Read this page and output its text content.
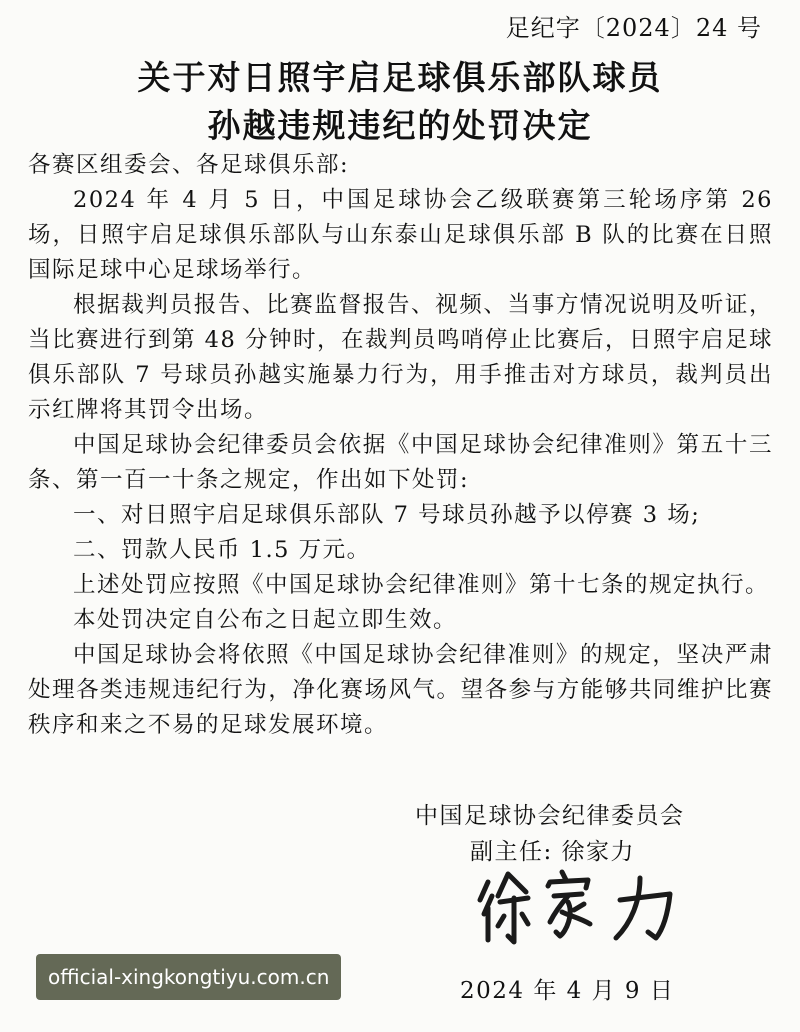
足纪字〔2024〕24 号
关于对日照宇启足球俱乐部队球员
孙越违规违纪的处罚决定

各赛区组委会、各足球俱乐部:

2024 年 4 月 5 日，中国足球协会乙级联赛第三轮场序第 26 场，日照宇启足球俱乐部队与山东泰山足球俱乐部 B 队的比赛在日照国际足球中心足球场举行。

根据裁判员报告、比赛监督报告、视频、当事方情况说明及听证，当比赛进行到第 48 分钟时，在裁判员鸣哨停止比赛后，日照宇启足球俱乐部队 7 号球员孙越实施暴力行为，用手推击对方球员，裁判员出示红牌将其罚令出场。

中国足球协会纪律委员会依据《中国足球协会纪律准则》第五十三条、第一百一十条之规定，作出如下处罚:

一、对日照宇启足球俱乐部队 7 号球员孙越予以停赛 3 场;

二、罚款人民币 1.5 万元。

上述处罚应按照《中国足球协会纪律准则》第十七条的规定执行。

本处罚决定自公布之日起立即生效。

中国足球协会将依照《中国足球协会纪律准则》的规定，坚决严肃处理各类违规违纪行为，净化赛场风气。望各参与方能够共同维护比赛秩序和来之不易的足球发展环境。

中国足球协会纪律委员会
副主任: 徐家力
2024 年 4 月 9 日
official-xingkongtiyu.com.cn
